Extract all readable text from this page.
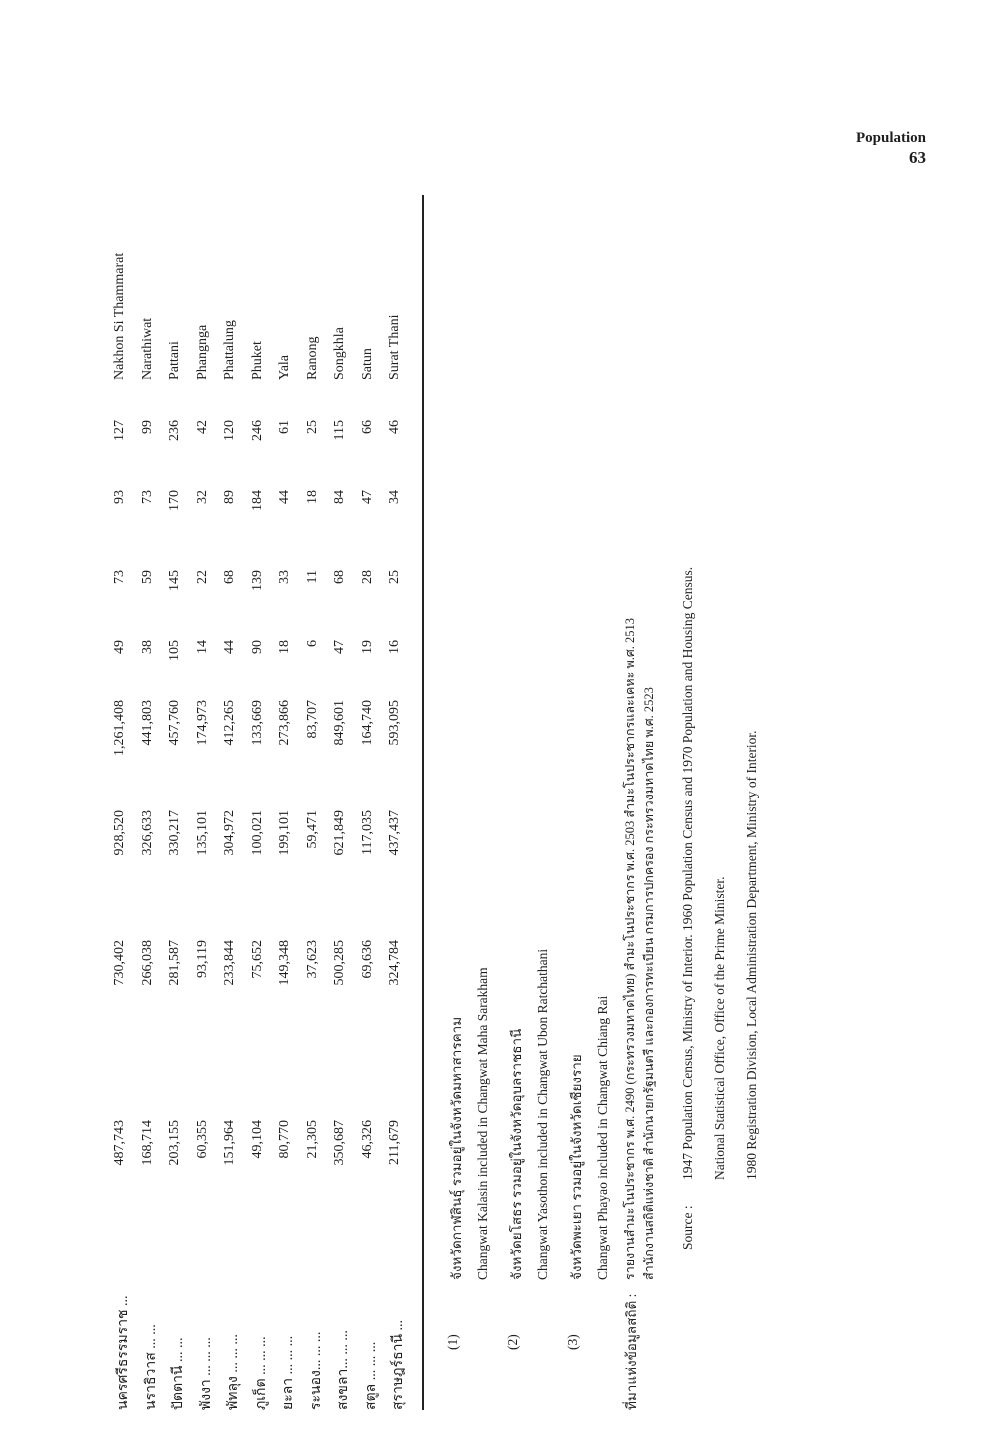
Population
63
นครศรีธรรมราช ...
487,743
730,402
928,520
1,261,408
49
73
93
127
Nakhon Si Thammarat
นราธิวาส ... ...
168,714
266,038
326,633
441,803
38
59
73
99
Narathiwat
ปัตตานี ... ...
203,155
281,587
330,217
457,760
105
145
170
236
Pattani
พังงา ... ... ...
60,355
93,119
135,101
174,973
14
22
32
42
Phangnga
พัทลุง ... ... ...
151,964
233,844
304,972
412,265
44
68
89
120
Phattalung
ภูเก็ต ... ... ...
49,104
75,652
100,021
133,669
90
139
184
246
Phuket
ยะลา ... ... ...
80,770
149,348
199,101
273,866
18
33
44
61
Yala
ระนอง... ... ...
21,305
37,623
59,471
83,707
6
11
18
25
Ranong
สงขลา... ... ...
350,687
500,285
621,849
849,601
47
68
84
115
Songkhla
สตูล ... ... ...
46,326
69,636
117,035
164,740
19
28
47
66
Satun
สุราษฎร์ธานี ...
211,679
324,784
437,437
593,095
16
25
34
46
Surat Thani
(1)
จังหวัดกาฬสินธุ์ รวมอยู่ในจังหวัดมหาสารคาม Changwat Kalasin included in Changwat Maha Sarakham
(2)
จังหวัดยโสธร รวมอยู่ในจังหวัดอุบลราชธานี Changwat Yasothon included in Changwat Ubon Ratchathani
(3)
จังหวัดพะเยา รวมอยู่ในจังหวัดเชียงราย Changwat Phayao included in Changwat Chiang Rai
ที่มาแห่งข้อมูลสถิติ :
รายงานสำมะโนประชากร พ.ศ. 2490 (กระทรวงมหาดไทย) สำมะโนประชากร พ.ศ. 2503 สำมะโนประชากรและเคหะ พ.ศ. 2513 สำนักงานสถิติแห่งชาติ สำนักนายกรัฐมนตรี และกองการทะเบียน กรมการปกครอง กระทรวงมหาดไทย พ.ศ. 2523 Source :
1947 Population Census, Ministry of Interior. 1960 Population Census and 1970 Population and Housing Census. National Statistical Office, Office of the Prime Minister. 1980 Registration Division, Local Administration Department, Ministry of Interior.
